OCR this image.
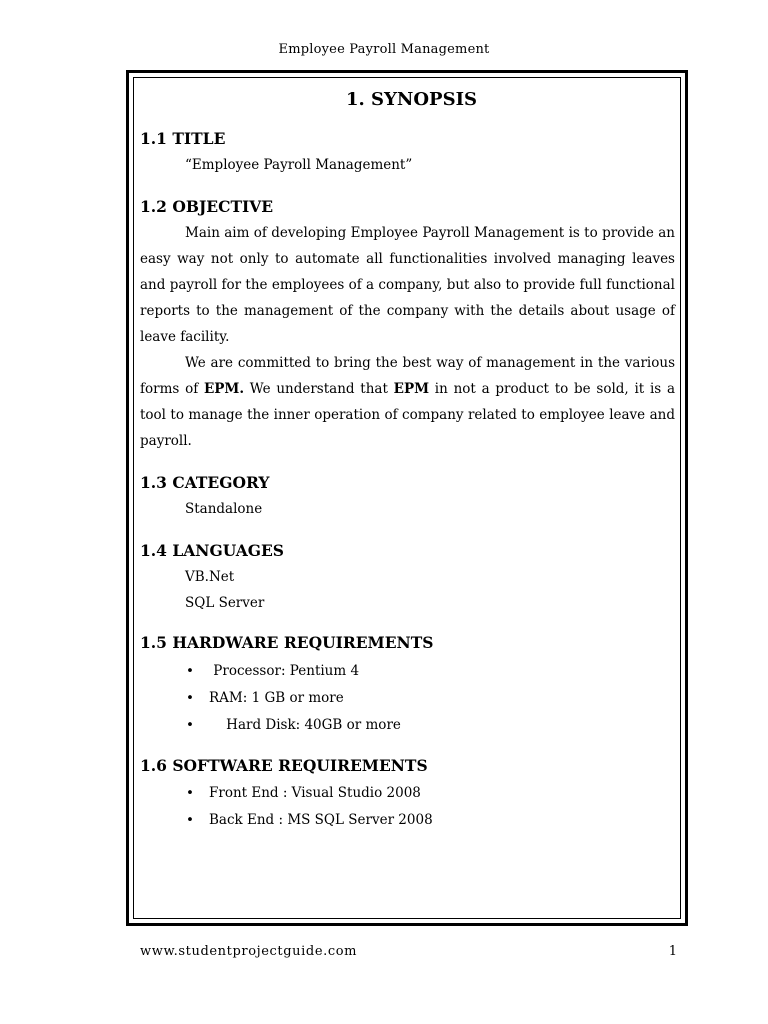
Employee Payroll Management
1. SYNOPSIS
1.1 TITLE
“Employee Payroll Management”
1.2 OBJECTIVE

Main aim of developing Employee Payroll Management is to provide an easy way not only to automate all functionalities involved managing leaves and payroll for the employees of a company, but also to provide full functional reports to the management of the company with the details about usage of leave facility.

We are committed to bring the best way of management in the various forms of EPM. We understand that EPM in not a product to be sold, it is a tool to manage the inner operation of company related to employee leave and payroll.

1.3 CATEGORY
Standalone
1.4 LANGUAGES
VB.Net
SQL Server
1.5 HARDWARE REQUIREMENTS
•  Processor: Pentium 4
• RAM: 1 GB or more
•     Hard Disk: 40GB or more
1.6 SOFTWARE REQUIREMENTS
• Front End : Visual Studio 2008
• Back End : MS SQL Server 2008
www.studentprojectguide.com	1
